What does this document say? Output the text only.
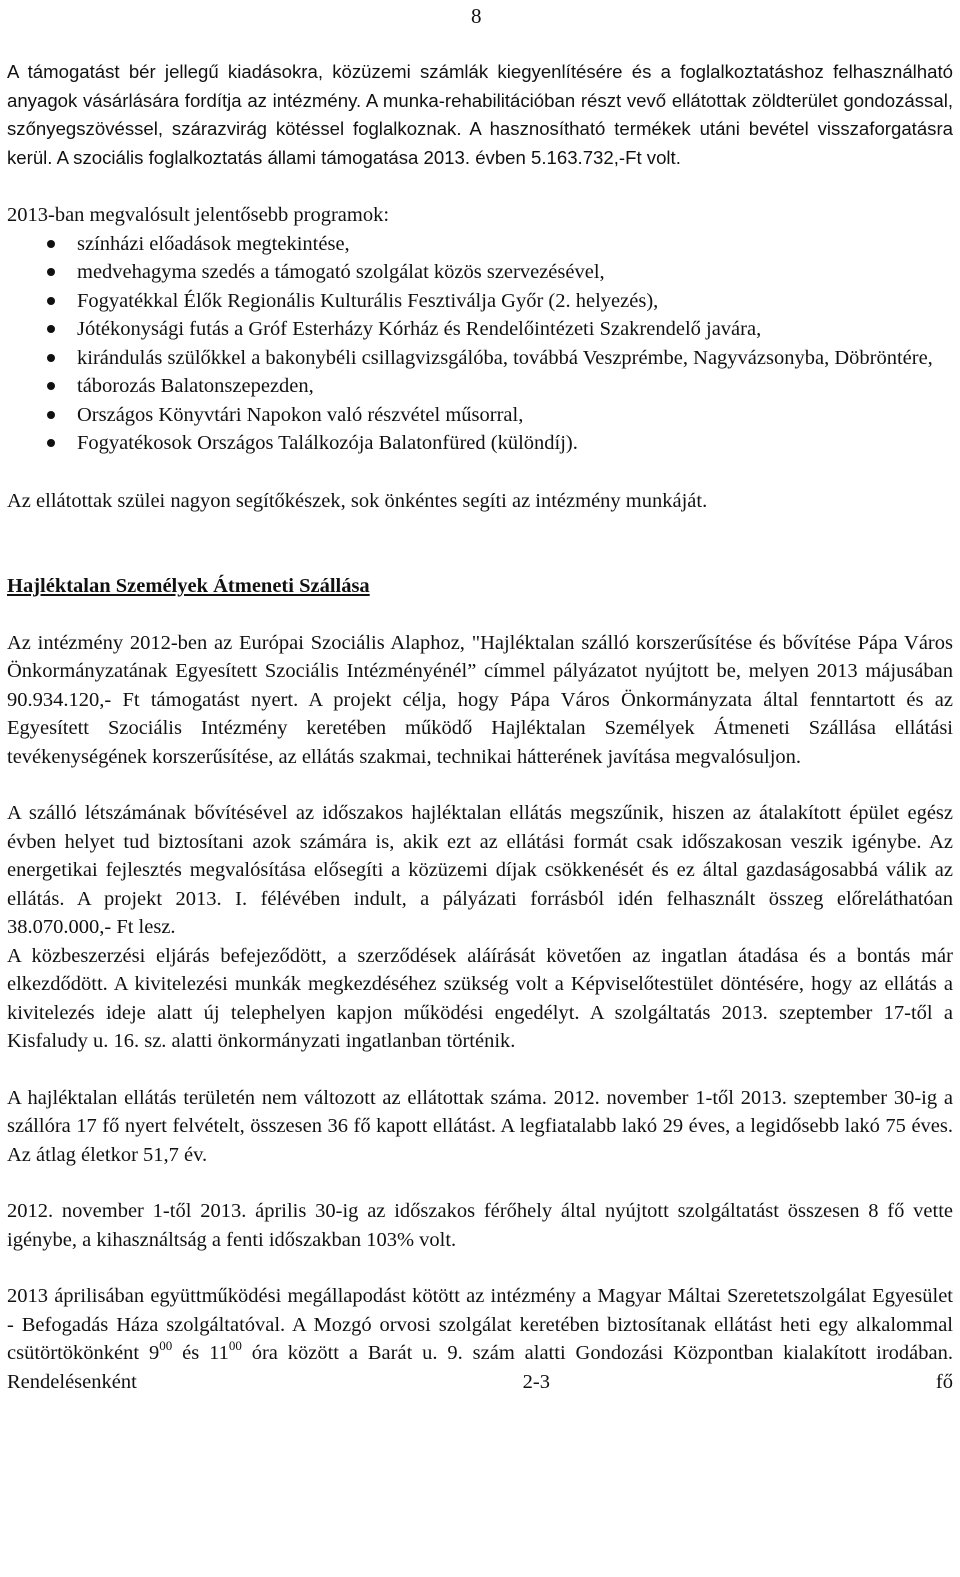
8

A támogatást bér jellegű kiadásokra, közüzemi számlák kiegyenlítésére és a foglalkoztatáshoz felhasználható anyagok vásárlására fordítja az intézmény. A munka-rehabilitációban részt vevő ellátottak zöldterület gondozással, szőnyegszövéssel, szárazvirág kötéssel foglalkoznak. A hasznosítható termékek utáni bevétel visszaforgatásra kerül. A szociális foglalkoztatás állami támogatása 2013. évben 5.163.732,-Ft volt.

2013-ban megvalósult jelentősebb programok:

színházi előadások megtekintése,
medvehagyma szedés a támogató szolgálat közös szervezésével,
Fogyatékkal Élők Regionális Kulturális Fesztiválja Győr (2. helyezés),
Jótékonysági futás a Gróf Esterházy Kórház és Rendelőintézeti Szakrendelő javára,
kirándulás szülőkkel a bakonybéli csillagvizsgálóba, továbbá Veszprémbe, Nagyvázsonyba, Döbröntére,
táborozás Balatonszepezden,
Országos Könyvtári Napokon való részvétel műsorral,
Fogyatékosok Országos Találkozója Balatonfüred (különdíj).

Az ellátottak szülei nagyon segítőkészek, sok önkéntes segíti az intézmény munkáját.

Hajléktalan Személyek Átmeneti Szállása

Az intézmény 2012-ben az Európai Szociális Alaphoz, "Hajléktalan szálló korszerűsítése és bővítése Pápa Város Önkormányzatának Egyesített Szociális Intézményénél” címmel pályázatot nyújtott be, melyen 2013 májusában 90.934.120,- Ft támogatást nyert. A projekt célja, hogy Pápa Város Önkormányzata által fenntartott és az Egyesített Szociális Intézmény keretében működő Hajléktalan Személyek Átmeneti Szállása ellátási tevékenységének korszerűsítése, az ellátás szakmai, technikai hátterének javítása megvalósuljon.

A szálló létszámának bővítésével az időszakos hajléktalan ellátás megszűnik, hiszen az átalakított épület egész évben helyet tud biztosítani azok számára is, akik ezt az ellátási formát csak időszakosan veszik igénybe. Az energetikai fejlesztés megvalósítása elősegíti a közüzemi díjak csökkenését és ez által gazdaságosabbá válik az ellátás. A projekt 2013. I. félévében indult, a pályázati forrásból idén felhasznált összeg előreláthatóan 38.070.000,- Ft lesz.

A közbeszerzési eljárás befejeződött, a szerződések aláírását követően az ingatlan átadása és a bontás már elkezdődött. A kivitelezési munkák megkezdéséhez szükség volt a Képviselőtestület döntésére, hogy az ellátás a kivitelezés ideje alatt új telephelyen kapjon működési engedélyt. A szolgáltatás 2013. szeptember 17-től a Kisfaludy u. 16. sz. alatti önkormányzati ingatlanban történik.

A hajléktalan ellátás területén nem változott az ellátottak száma. 2012. november 1-től 2013. szeptember 30-ig a szállóra 17 fő nyert felvételt, összesen 36 fő kapott ellátást. A legfiatalabb lakó 29 éves, a legidősebb lakó 75 éves. Az átlag életkor 51,7 év.

2012. november 1-től 2013. április 30-ig az időszakos férőhely által nyújtott szolgáltatást összesen 8 fő vette igénybe, a kihasználtság a fenti időszakban 103% volt.

2013 áprilisában együttműködési megállapodást kötött az intézmény a Magyar Máltai Szeretetszolgálat Egyesület - Befogadás Háza szolgáltatóval. A Mozgó orvosi szolgálat keretében biztosítanak ellátást heti egy alkalommal csütörtökönként $9^{00}$ és $11^{00}$ óra között a Barát u. 9. szám alatti Gondozási Központban kialakított irodában. Rendelésenként 2-3 fő
